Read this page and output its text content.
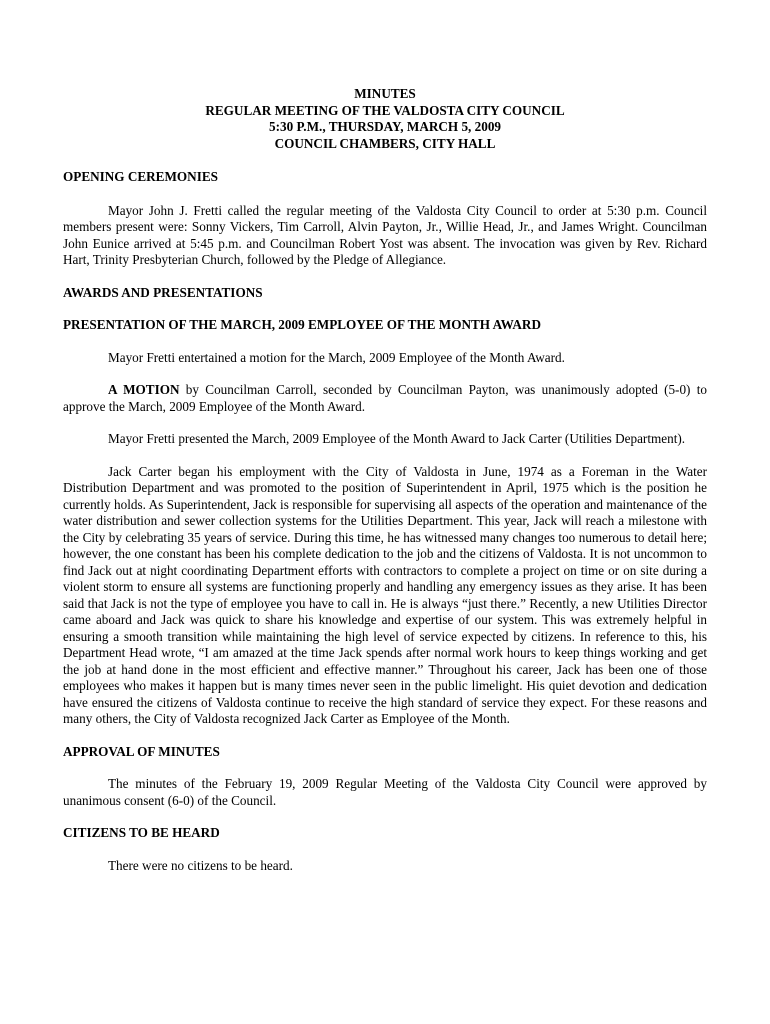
MINUTES
REGULAR MEETING OF THE VALDOSTA CITY COUNCIL
5:30 P.M., THURSDAY, MARCH 5, 2009
COUNCIL CHAMBERS, CITY HALL
OPENING CEREMONIES

Mayor John J. Fretti called the regular meeting of the Valdosta City Council to order at 5:30 p.m. Council members present were: Sonny Vickers, Tim Carroll, Alvin Payton, Jr., Willie Head, Jr., and James Wright. Councilman John Eunice arrived at 5:45 p.m. and Councilman Robert Yost was absent. The invocation was given by Rev. Richard Hart, Trinity Presbyterian Church, followed by the Pledge of Allegiance.

AWARDS AND PRESENTATIONS
PRESENTATION OF THE MARCH, 2009 EMPLOYEE OF THE MONTH AWARD

Mayor Fretti entertained a motion for the March, 2009 Employee of the Month Award.

A MOTION by Councilman Carroll, seconded by Councilman Payton, was unanimously adopted (5-0) to approve the March, 2009 Employee of the Month Award.

Mayor Fretti presented the March, 2009 Employee of the Month Award to Jack Carter (Utilities Department).

Jack Carter began his employment with the City of Valdosta in June, 1974 as a Foreman in the Water Distribution Department and was promoted to the position of Superintendent in April, 1975 which is the position he currently holds. As Superintendent, Jack is responsible for supervising all aspects of the operation and maintenance of the water distribution and sewer collection systems for the Utilities Department. This year, Jack will reach a milestone with the City by celebrating 35 years of service. During this time, he has witnessed many changes too numerous to detail here; however, the one constant has been his complete dedication to the job and the citizens of Valdosta. It is not uncommon to find Jack out at night coordinating Department efforts with contractors to complete a project on time or on site during a violent storm to ensure all systems are functioning properly and handling any emergency issues as they arise. It has been said that Jack is not the type of employee you have to call in. He is always “just there.” Recently, a new Utilities Director came aboard and Jack was quick to share his knowledge and expertise of our system. This was extremely helpful in ensuring a smooth transition while maintaining the high level of service expected by citizens. In reference to this, his Department Head wrote, “I am amazed at the time Jack spends after normal work hours to keep things working and get the job at hand done in the most efficient and effective manner.” Throughout his career, Jack has been one of those employees who makes it happen but is many times never seen in the public limelight. His quiet devotion and dedication have ensured the citizens of Valdosta continue to receive the high standard of service they expect. For these reasons and many others, the City of Valdosta recognized Jack Carter as Employee of the Month.

APPROVAL OF MINUTES

The minutes of the February 19, 2009 Regular Meeting of the Valdosta City Council were approved by unanimous consent (6-0) of the Council.

CITIZENS TO BE HEARD

There were no citizens to be heard.
